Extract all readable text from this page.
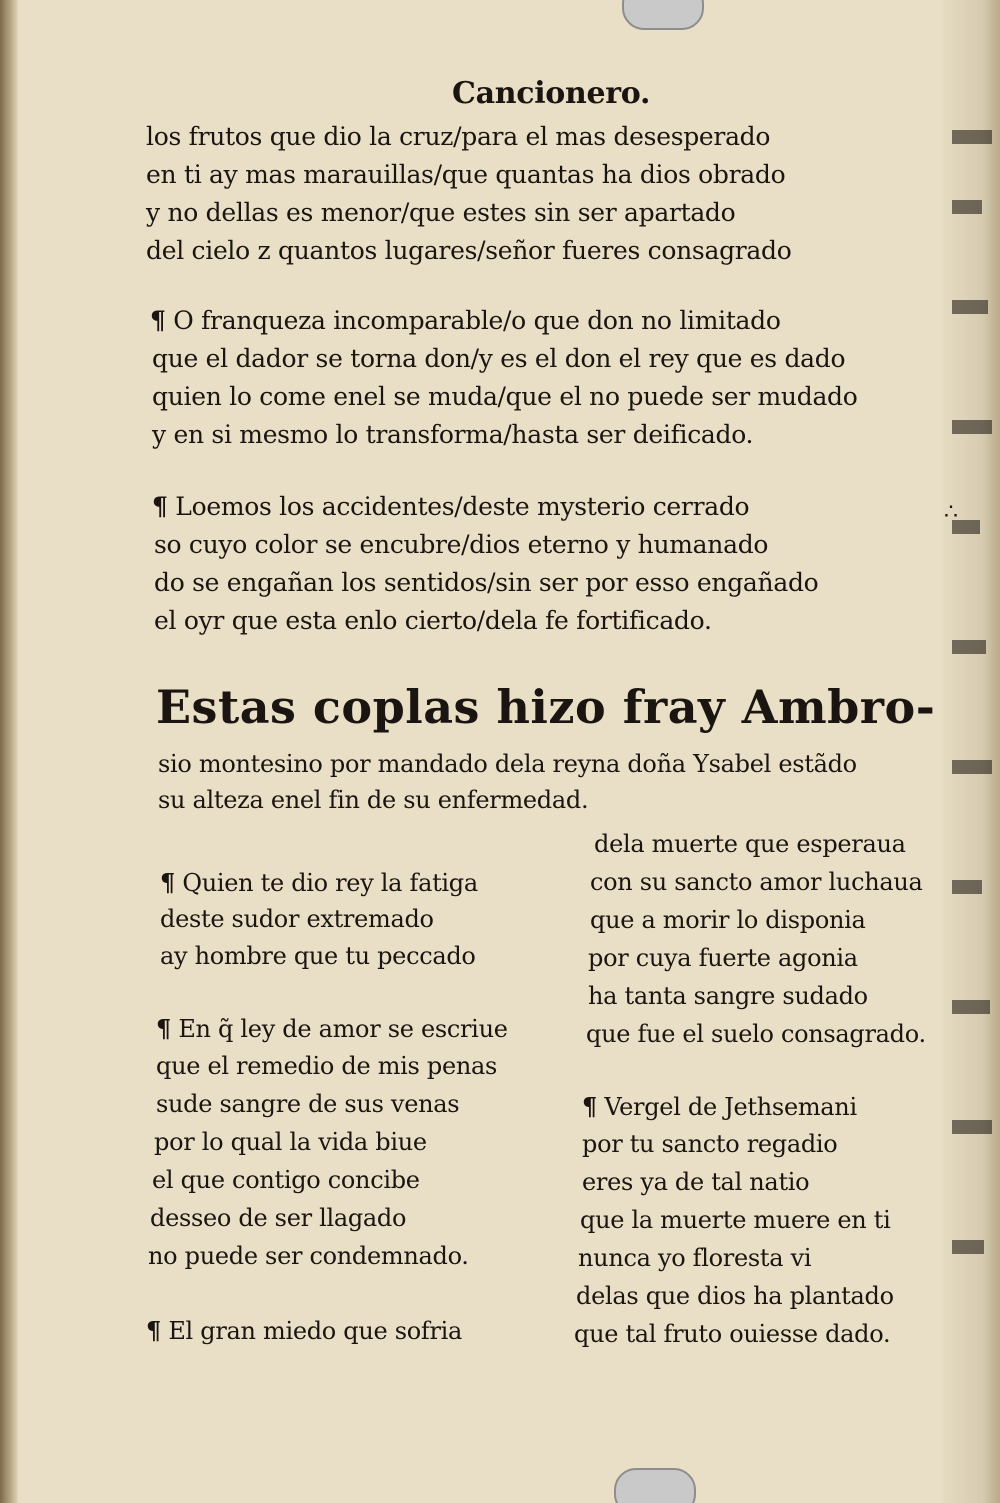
Cancionero.
los frutos que dio la cruz/para el mas desesperado
en ti ay mas marauillas/que quantas ha dios obrado
y no dellas es menor/que estes sin ser apartado
del cielo z quantos lugares/señor fueres consagrado
¶ O franqueza incomparable/o que don no limitado
que el dador se torna don/y es el don el rey que es dado
quien lo come enel se muda/que el no puede ser mudado
y en si mesmo lo transforma/hasta ser deificado.
¶ Loemos los accidentes/deste mysterio cerrado
so cuyo color se encubre/dios eterno y humanado
do se engañan los sentidos/sin ser por esso engañado
el oyr que esta enlo cierto/dela fe fortificado.
∴
Estas coplas hizo fray Ambro-
sio montesino por mandado dela reyna doña Ysabel estãdo
su alteza enel fin de su enfermedad.
¶ Quien te dio rey la fatiga
deste sudor extremado
ay hombre que tu peccado
¶ En q̃ ley de amor se escriue
que el remedio de mis penas
sude sangre de sus venas
por lo qual la vida biue
el que contigo concibe
desseo de ser llagado
no puede ser condemnado.
¶ El gran miedo que sofria
dela muerte que esperaua
con su sancto amor luchaua
que a morir lo disponia
por cuya fuerte agonia
ha tanta sangre sudado
que fue el suelo consagrado.
¶ Vergel de Jethsemani
por tu sancto regadio
eres ya de tal natio
que la muerte muere en ti
nunca yo floresta vi
delas que dios ha plantado
que tal fruto ouiesse dado.
